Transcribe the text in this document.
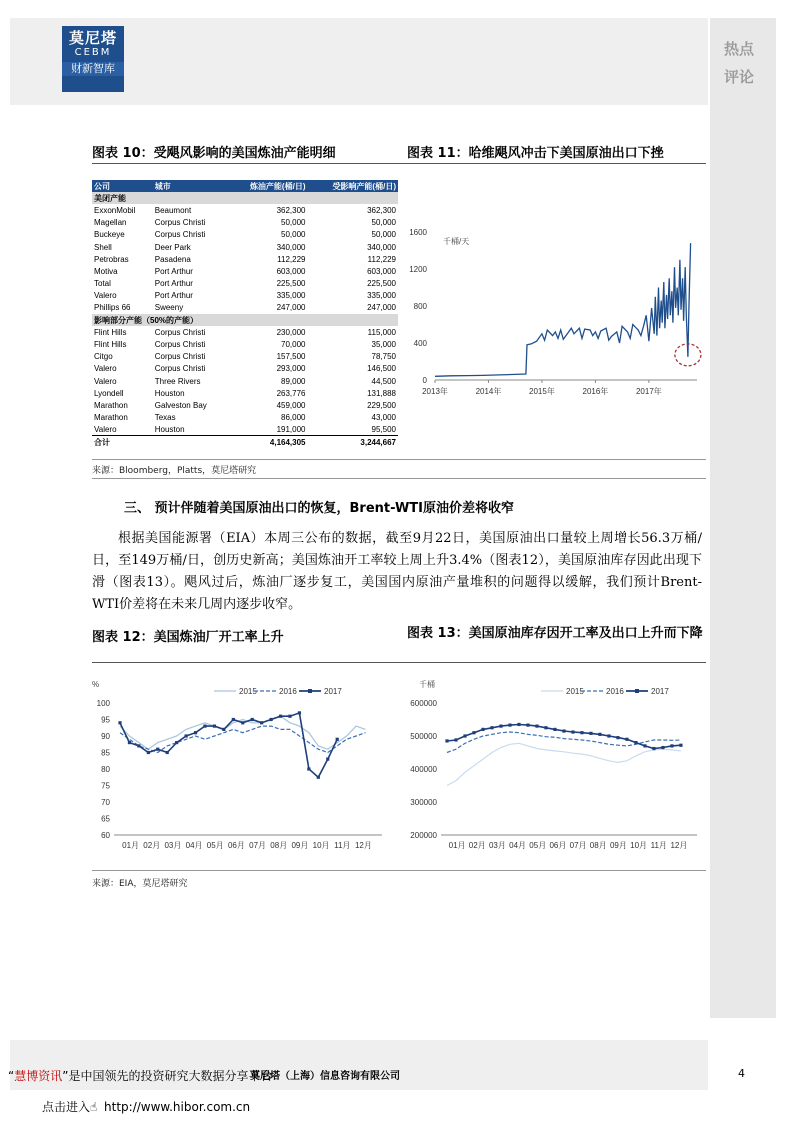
莫尼塔
CEBM
财新智库
热点
评论
图表 10：受飓风影响的美国炼油产能明细	图表 11：哈维飓风冲击下美国原油出口下挫
公司	城市	炼油产能(桶/日)	受影响产能(桶/日)
美闭产能			
ExxonMobil	Beaumont	362,300	362,300
Magellan	Corpus Christi	50,000	50,000
Buckeye	Corpus Christi	50,000	50,000
Shell	Deer Park	340,000	340,000
Petrobras	Pasadena	112,229	112,229
Motiva	Port Arthur	603,000	603,000
Total	Port Arthur	225,500	225,500
Valero	Port Arthur	335,000	335,000
Phillips 66	Sweeny	247,000	247,000
影响部分产能（50%的产能）			
Flint Hills	Corpus Christi	230,000	115,000
Flint Hills	Corpus Christi	70,000	35,000
Citgo	Corpus Christi	157,500	78,750
Valero	Corpus Christi	293,000	146,500
Valero	Three Rivers	89,000	44,500
Lyondell	Houston	263,776	131,888
Marathon	Galveston Bay	459,000	229,500
Marathon	Texas	86,000	43,000
Valero	Houston	191,000	95,500
合计		4,164,305	3,244,667
0
400
800
1200
1600
2013年	2014年	2015年	2016年	2017年
千桶/天
来源：Bloomberg，Platts，莫尼塔研究
三、 预计伴随着美国原油出口的恢复，Brent-WTI原油价差将收窄
根据美国能源署（EIA）本周三公布的数据，截至9月22日，美国原油出口量较上周增长56.3万桶/日，至149万桶/日，创历史新高；美国炼油开工率较上周上升3.4%（图表12），美国原油库存因此出现下滑（图表13）。飓风过后，炼油厂逐步复工，美国国内原油产量堆积的问题得以缓解，我们预计Brent-WTI价差将在未来几周内逐步收窄。
图表 12：美国炼油厂开工率上升	图表 13：美国原油库存因开工率及出口上升而下降
60
65
70
75
80
85
90
95
100
01月 02月 03月 04月 05月 06月 07月 08月 09月 10月 11月 12月
%
2015	2016	2017
200000
300000
400000
500000
600000
01月 02月 03月 04月 05月 06月 07月 08月 09月 10月 11月 12月
千桶
2015	2016	2017
来源：EIA，莫尼塔研究
“慧博资讯”是中国领先的投资研究大数据分享平台
莫尼塔（上海）信息咨询有限公司	4
点击进入☝ http://www.hibor.com.cn
